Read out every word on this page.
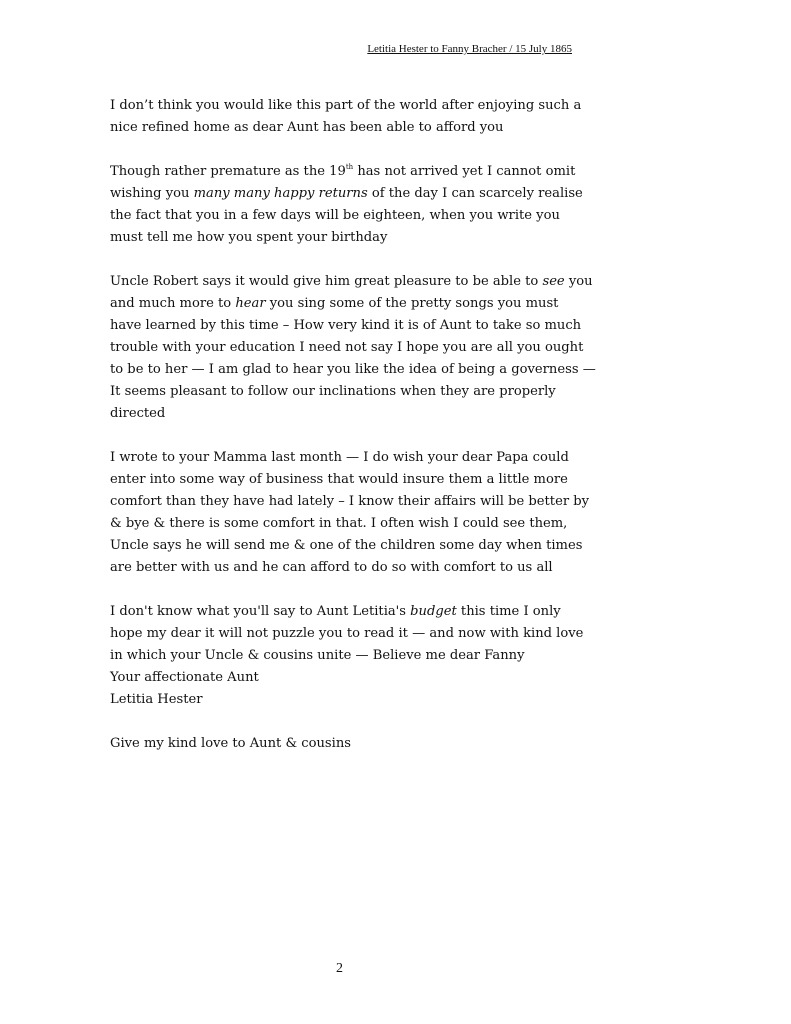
Letitia Hester to Fanny Bracher / 15 July 1865
I don’t think you would like this part of the world after enjoying such a
nice refined home as dear Aunt has been able to afford you
Though rather premature as the 19th has not arrived yet I cannot omit
wishing you many many happy returns of the day I can scarcely realise
the fact that you in a few days will be eighteen, when you write you
must tell me how you spent your birthday
Uncle Robert says it would give him great pleasure to be able to see you
and much more to hear you sing some of the pretty songs you must
have learned by this time – How very kind it is of Aunt to take so much
trouble with your education I need not say I hope you are all you ought
to be to her — I am glad to hear you like the idea of being a governess —
It seems pleasant to follow our inclinations when they are properly
directed
I wrote to your Mamma last month — I do wish your dear Papa could
enter into some way of business that would insure them a little more
comfort than they have had lately – I know their affairs will be better by
& bye & there is some comfort in that. I often wish I could see them,
Uncle says he will send me & one of the children some day when times
are better with us and he can afford to do so with comfort to us all
I don't know what you'll say to Aunt Letitia's budget this time I only
hope my dear it will not puzzle you to read it — and now with kind love
in which your Uncle & cousins unite — Believe me dear Fanny
Your affectionate Aunt
Letitia Hester
Give my kind love to Aunt & cousins
2
